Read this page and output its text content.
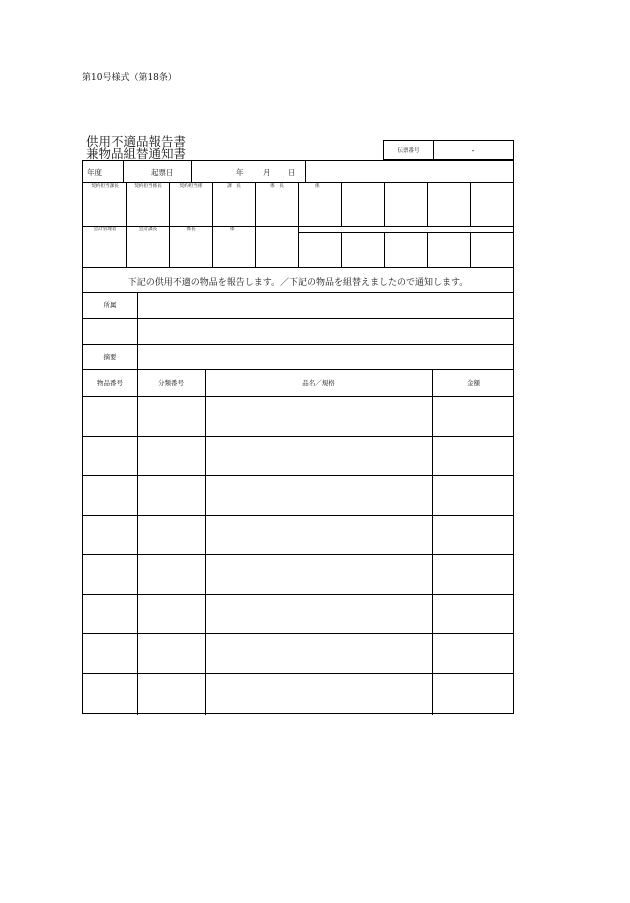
第10号様式（第18条）
供用不適品報告書
兼物品組替通知書	伝票番号	-
年度	起票日	年	月 日
契約担当課長	契約担当係長	契約担当係	課　長	係　長	係
会計管理者	会計課長	係長	係
下記の供用不適の物品を報告します。／下記の物品を組替えましたので通知します。
所属
摘要
物品番号	分類番号	品名／規格	金額
